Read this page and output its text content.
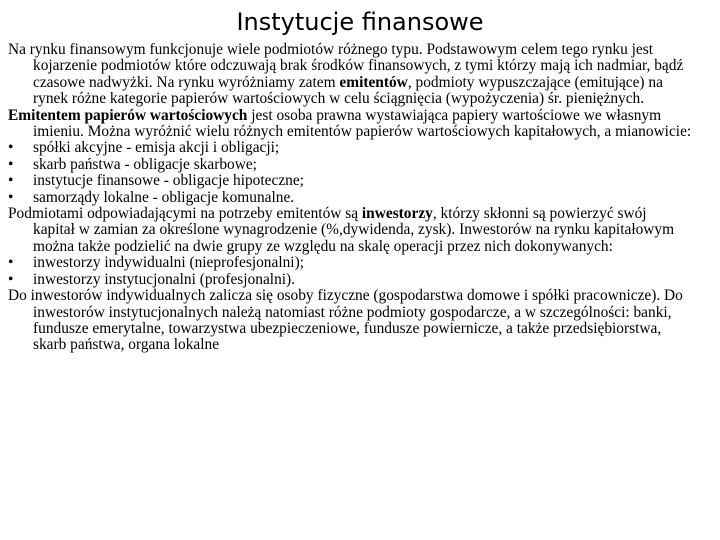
Instytucje finansowe

Na rynku finansowym funkcjonuje wiele podmiotów różnego typu. Podstawowym celem tego rynku jest kojarzenie podmiotów które odczuwają brak środków finansowych, z tymi którzy mają ich nadmiar, bądź czasowe nadwyżki. Na rynku wyróżniamy zatem emitentów, podmioty wypuszczające (emitujące) na rynek różne kategorie papierów wartościowych w celu ściągnięcia (wypożyczenia) śr. pieniężnych.

Emitentem papierów wartościowych jest osoba prawna wystawiająca papiery wartościowe we własnym imieniu. Można wyróżnić wielu różnych emitentów papierów wartościowych kapitałowych, a mianowicie:

• spółki akcyjne - emisja akcji i obligacji;

• skarb państwa - obligacje skarbowe;

• instytucje finansowe - obligacje hipoteczne;

• samorządy lokalne - obligacje komunalne.

Podmiotami odpowiadającymi na potrzeby emitentów są inwestorzy, którzy skłonni są powierzyć swój kapitał w zamian za określone wynagrodzenie (%,dywidenda, zysk). Inwestorów na rynku kapitałowym można także podzielić na dwie grupy ze względu na skalę operacji przez nich dokonywanych:

• inwestorzy indywidualni (nieprofesjonalni);

• inwestorzy instytucjonalni (profesjonalni).

Do inwestorów indywidualnych zalicza się osoby fizyczne (gospodarstwa domowe i spółki pracownicze). Do inwestorów instytucjonalnych należą natomiast różne podmioty gospodarcze, a w szczególności: banki, fundusze emerytalne, towarzystwa ubezpieczeniowe, fundusze powiernicze, a także przedsiębiorstwa, skarb państwa, organa lokalne
